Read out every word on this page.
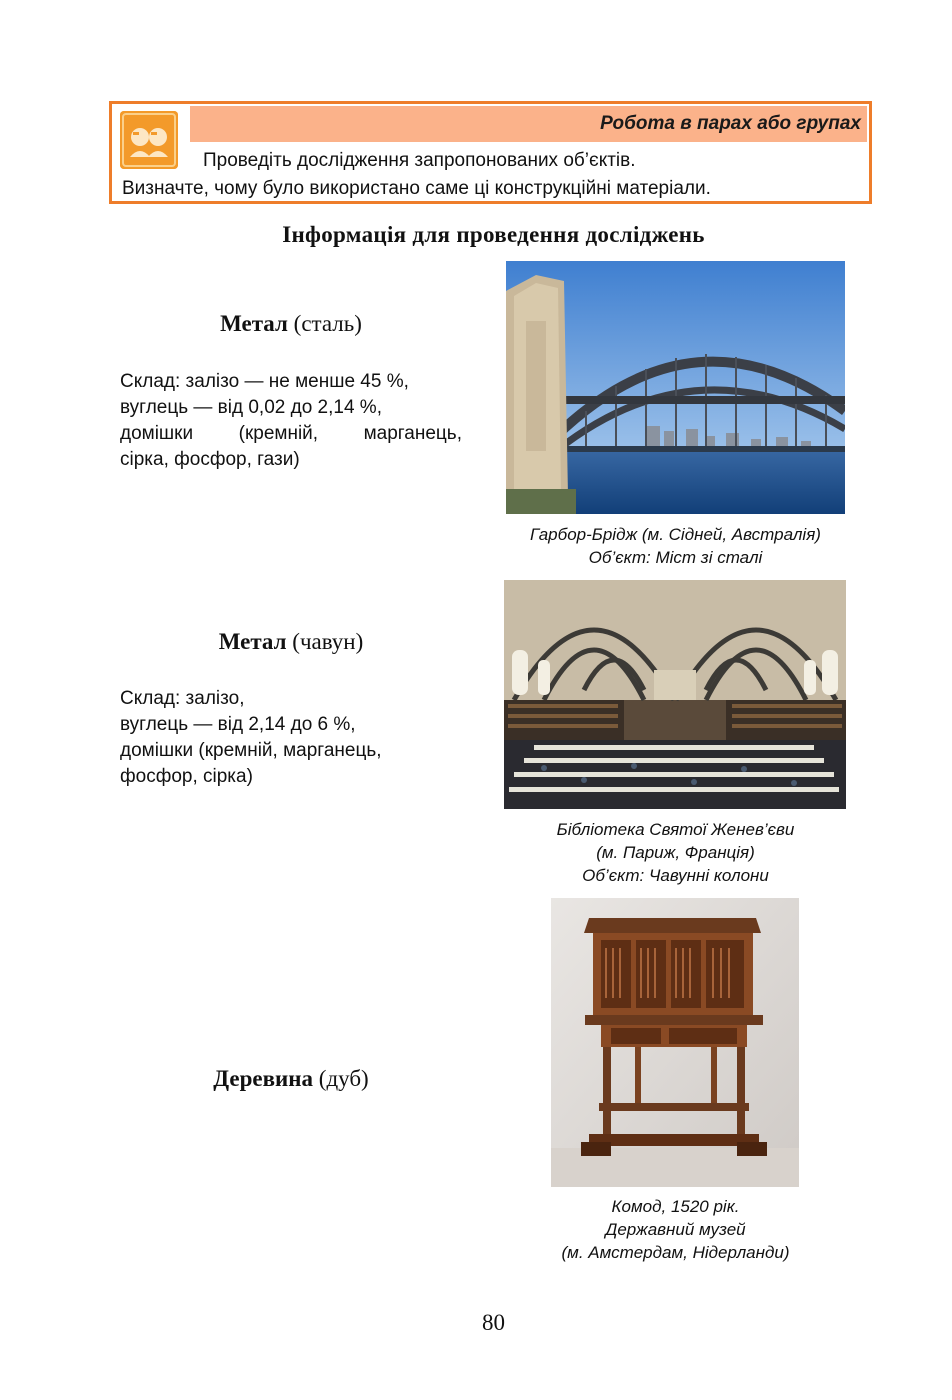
Робота в парах або групах
Проведіть дослідження запропонованих об’єктів.
Визначте, чому було використано саме ці конструкційні матеріали.
Інформація для проведення досліджень
Метал (сталь)
Склад: залізо — не менше 45 %,
вуглець — від 0,02 до 2,14 %,
домішки (кремній, марганець,
сірка, фосфор, гази)
Гарбор-Брідж (м. Сідней, Австралія)
Об’єкт: Міст зі сталі
Метал (чавун)
Склад: залізо,
вуглець — від 2,14 до 6 %,
домішки (кремній, марганець,
фосфор, сірка)
Бібліотека Святої Женев’єви
(м. Париж, Франція)
Об’єкт: Чавунні колони
Деревина (дуб)
Комод, 1520 рік.
Державний музей
(м. Амстердам, Нідерланди)
80
